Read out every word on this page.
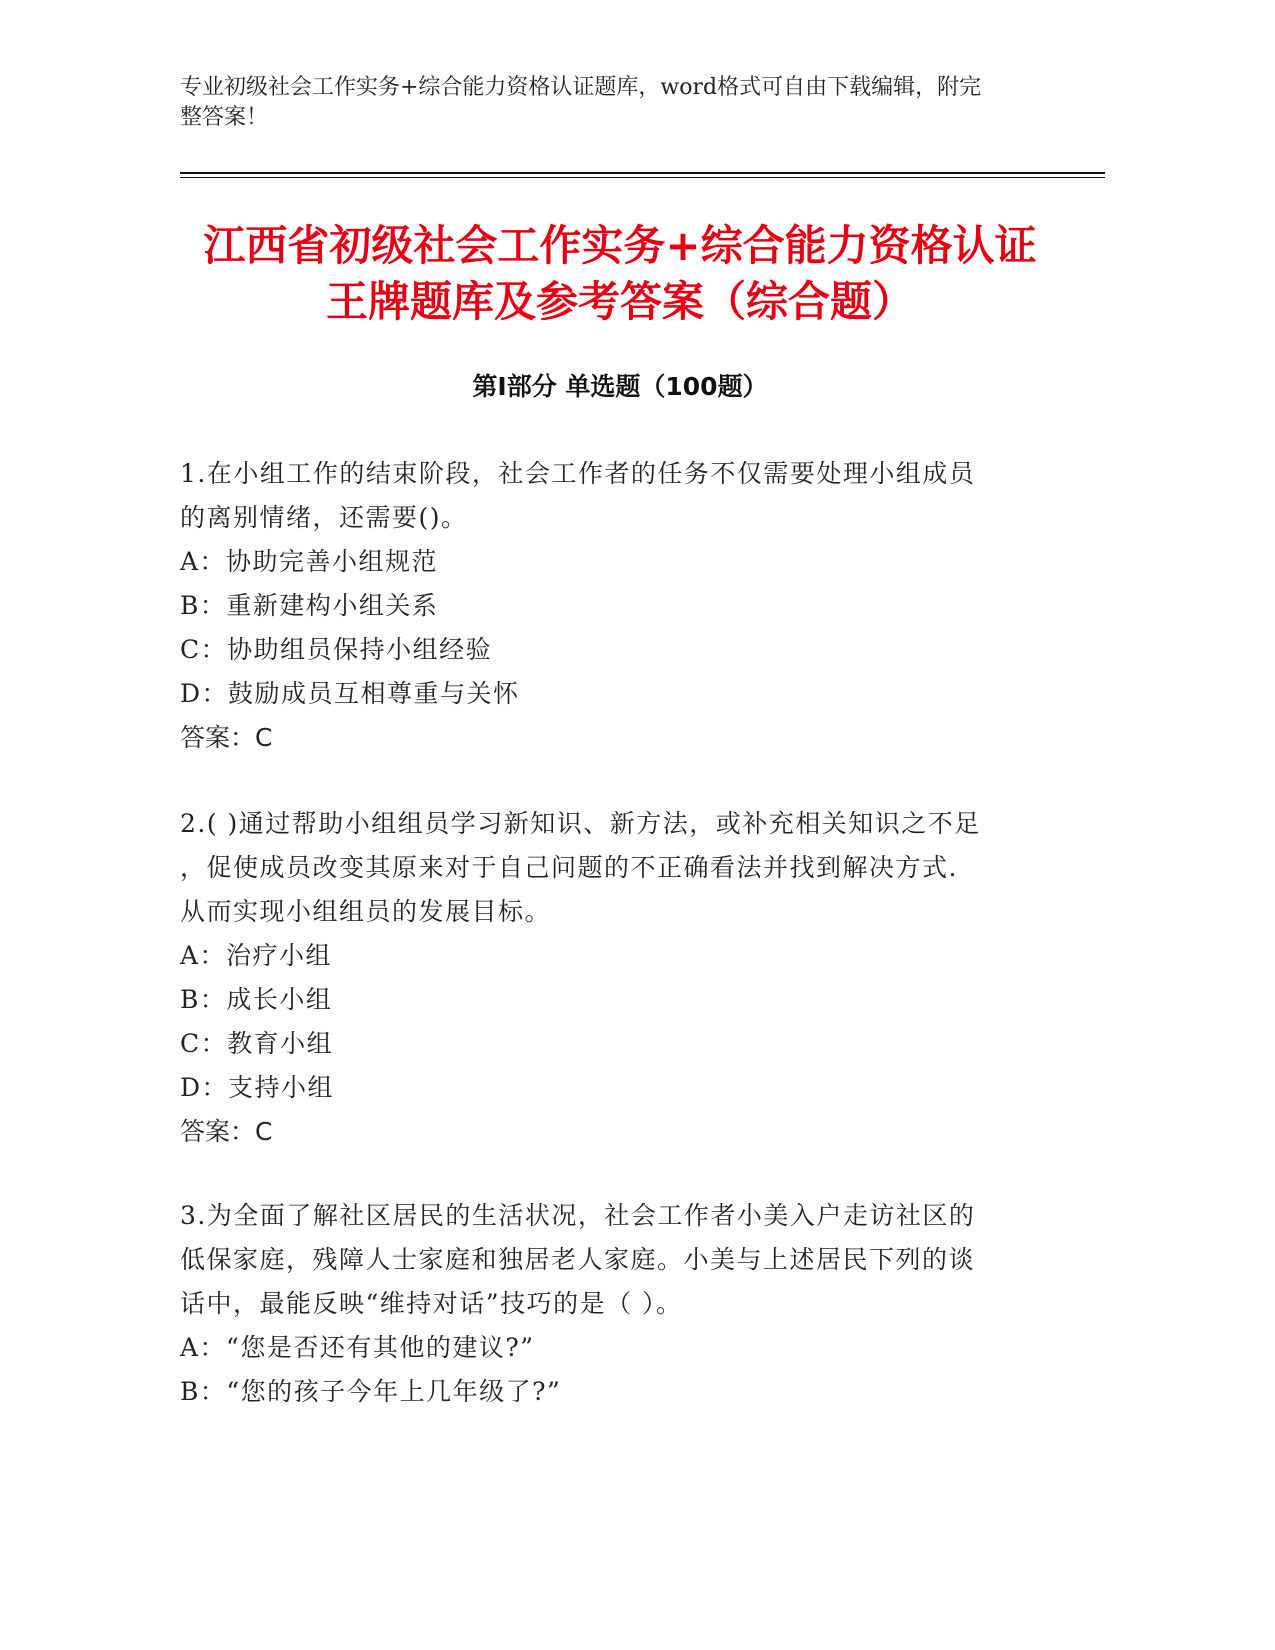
专业初级社会工作实务+综合能力资格认证题库，word格式可自由下载编辑，附完
整答案！
江西省初级社会工作实务+综合能力资格认证
王牌题库及参考答案（综合题）
第Ⅰ部分 单选题（100题）
1.在小组工作的结束阶段，社会工作者的任务不仅需要处理小组成员
的离别情绪，还需要()。
A：协助完善小组规范
B：重新建构小组关系
C：协助组员保持小组经验
D：鼓励成员互相尊重与关怀
答案：C
2.( )通过帮助小组组员学习新知识、新方法，或补充相关知识之不足
，促使成员改变其原来对于自己问题的不正确看法并找到解决方式.
从而实现小组组员的发展目标。
A：治疗小组
B：成长小组
C：教育小组
D：支持小组
答案：C
3.为全面了解社区居民的生活状况，社会工作者小美入户走访社区的
低保家庭，残障人士家庭和独居老人家庭。小美与上述居民下列的谈
话中，最能反映“维持对话”技巧的是（ ）。
A：“您是否还有其他的建议?”
B：“您的孩子今年上几年级了?”
